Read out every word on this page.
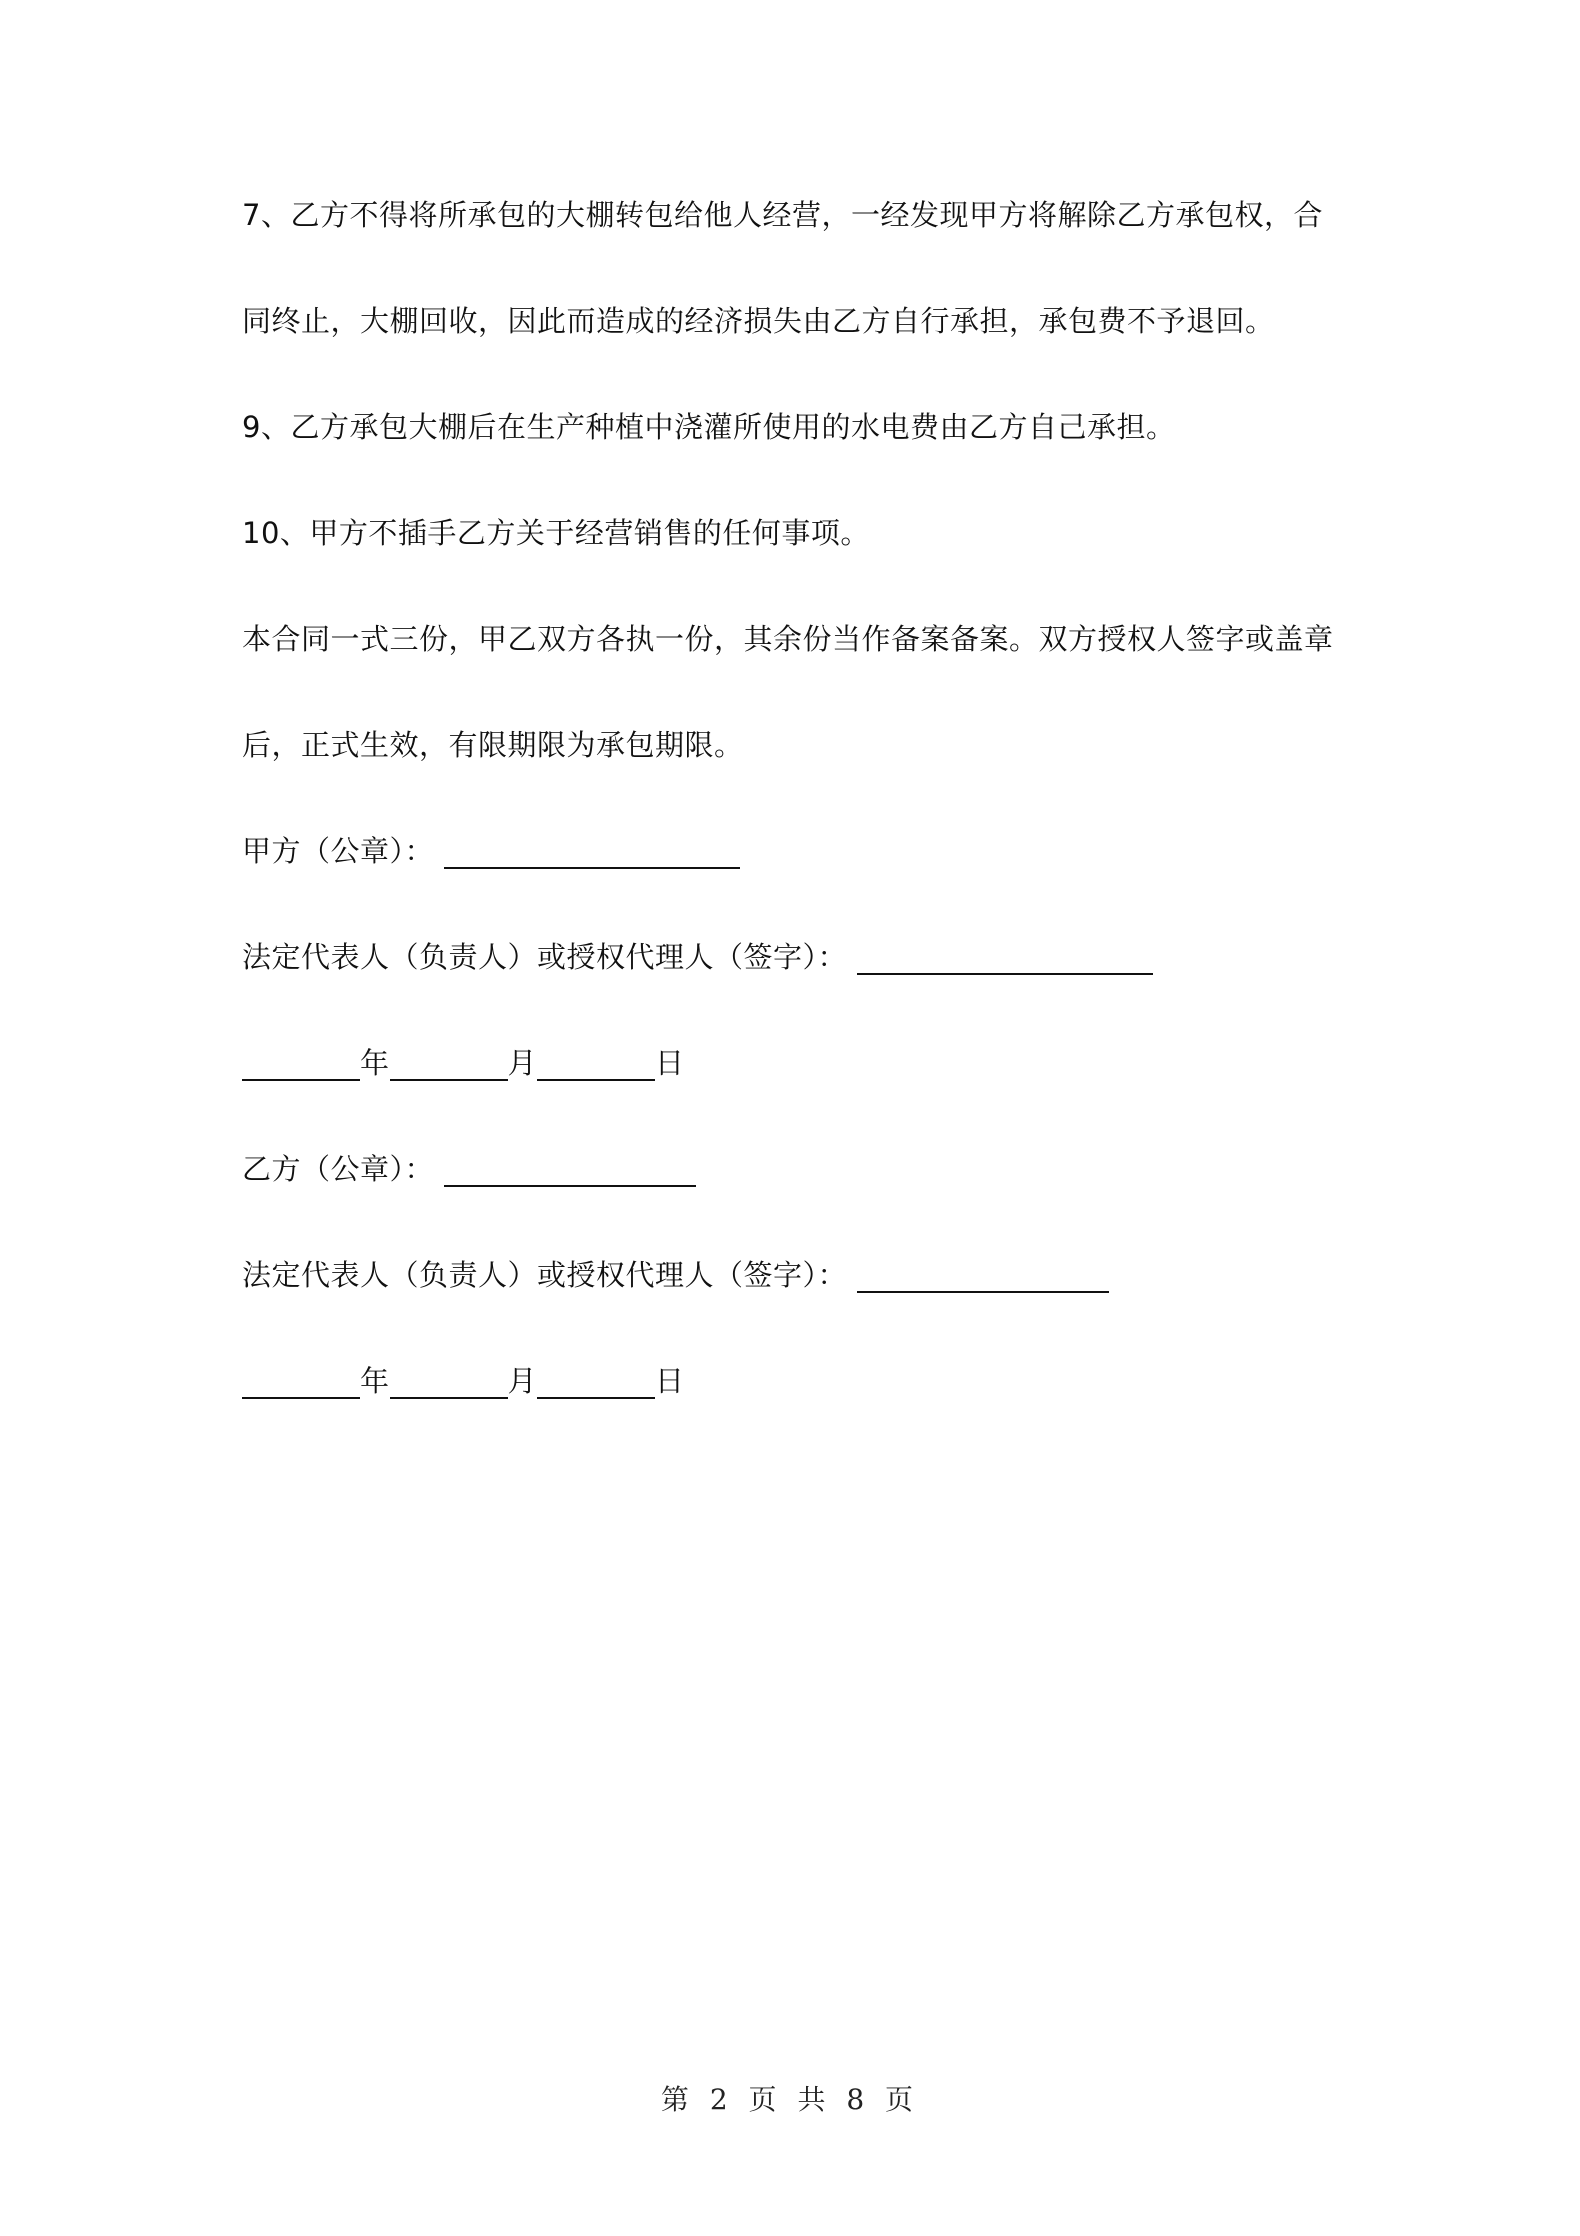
7、乙方不得将所承包的大棚转包给他人经营，一经发现甲方将解除乙方承包权，合
同终止，大棚回收，因此而造成的经济损失由乙方自行承担，承包费不予退回。
9、乙方承包大棚后在生产种植中浇灌所使用的水电费由乙方自己承担。
10、甲方不插手乙方关于经营销售的任何事项。
本合同一式三份，甲乙双方各执一份，其余份当作备案备案。双方授权人签字或盖章
后，正式生效，有限期限为承包期限。
甲方（公章）：
法定代表人（负责人）或授权代理人（签字）：
年	月	日
乙方（公章）：
法定代表人（负责人）或授权代理人（签字）：
年	月	日
第 2 页 共 8 页
